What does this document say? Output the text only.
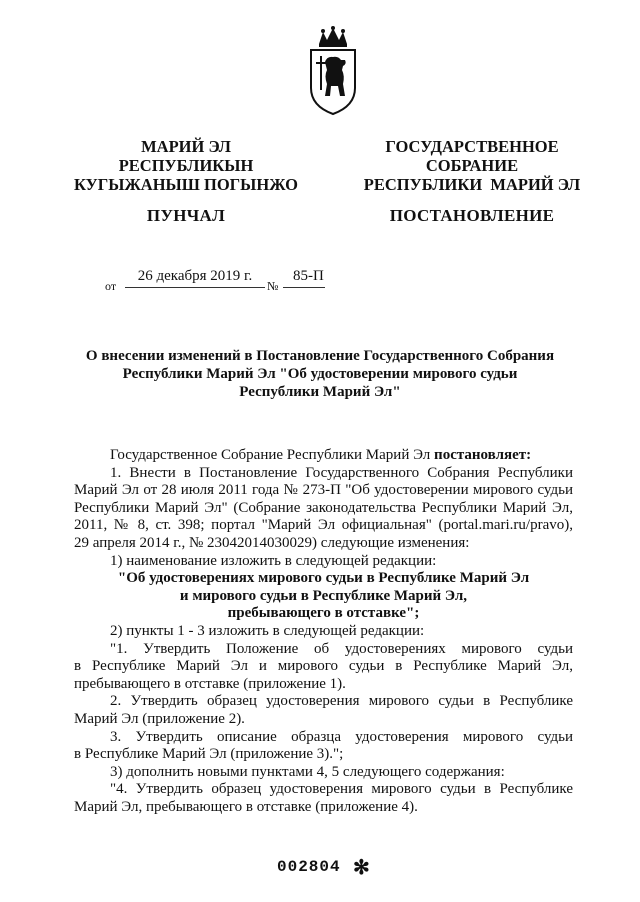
МАРИЙ ЭЛ
РЕСПУБЛИКЫН
КУГЫЖАНЫШ ПОГЫНЖО
ГОСУДАРСТВЕННОЕ
СОБРАНИЕ
РЕСПУБЛИКИ  МАРИЙ ЭЛ
ПУНЧАЛ	ПОСТАНОВЛЕНИЕ
от
26 декабря 2019 г.
№
85-П
О внесении изменений в Постановление Государственного Собрания
Республики Марий Эл "Об удостоверении мирового судьи
Республики Марий Эл"
Государственное Собрание Республики Марий Эл постановляет:
1. Внести в Постановление Государственного Собрания Республики
Марий Эл от 28 июля 2011 года № 273-П "Об удостоверении мирового судьи
Республики Марий Эл" (Собрание законодательства Республики Марий Эл,
2011, № 8, ст. 398; портал "Марий Эл официальная" (portal.mari.ru/pravo),
29 апреля 2014 г., № 23042014030029) следующие изменения:
1) наименование изложить в следующей редакции:
"Об удостоверениях мирового судьи в Республике Марий Эл
и мирового судьи в Республике Марий Эл,
пребывающего в отставке";
2) пункты 1 - 3 изложить в следующей редакции:
"1. Утвердить Положение об удостоверениях мирового судьи
в Республике Марий Эл и мирового судьи в Республике Марий Эл,
пребывающего в отставке (приложение 1).
2. Утвердить образец удостоверения мирового судьи в Республике
Марий Эл (приложение 2).
3. Утвердить описание образца удостоверения мирового судьи
в Республике Марий Эл (приложение 3).";
3) дополнить новыми пунктами 4, 5 следующего содержания:
"4. Утвердить образец удостоверения мирового судьи в Республике
Марий Эл, пребывающего в отставке (приложение 4).
002804 ✻
